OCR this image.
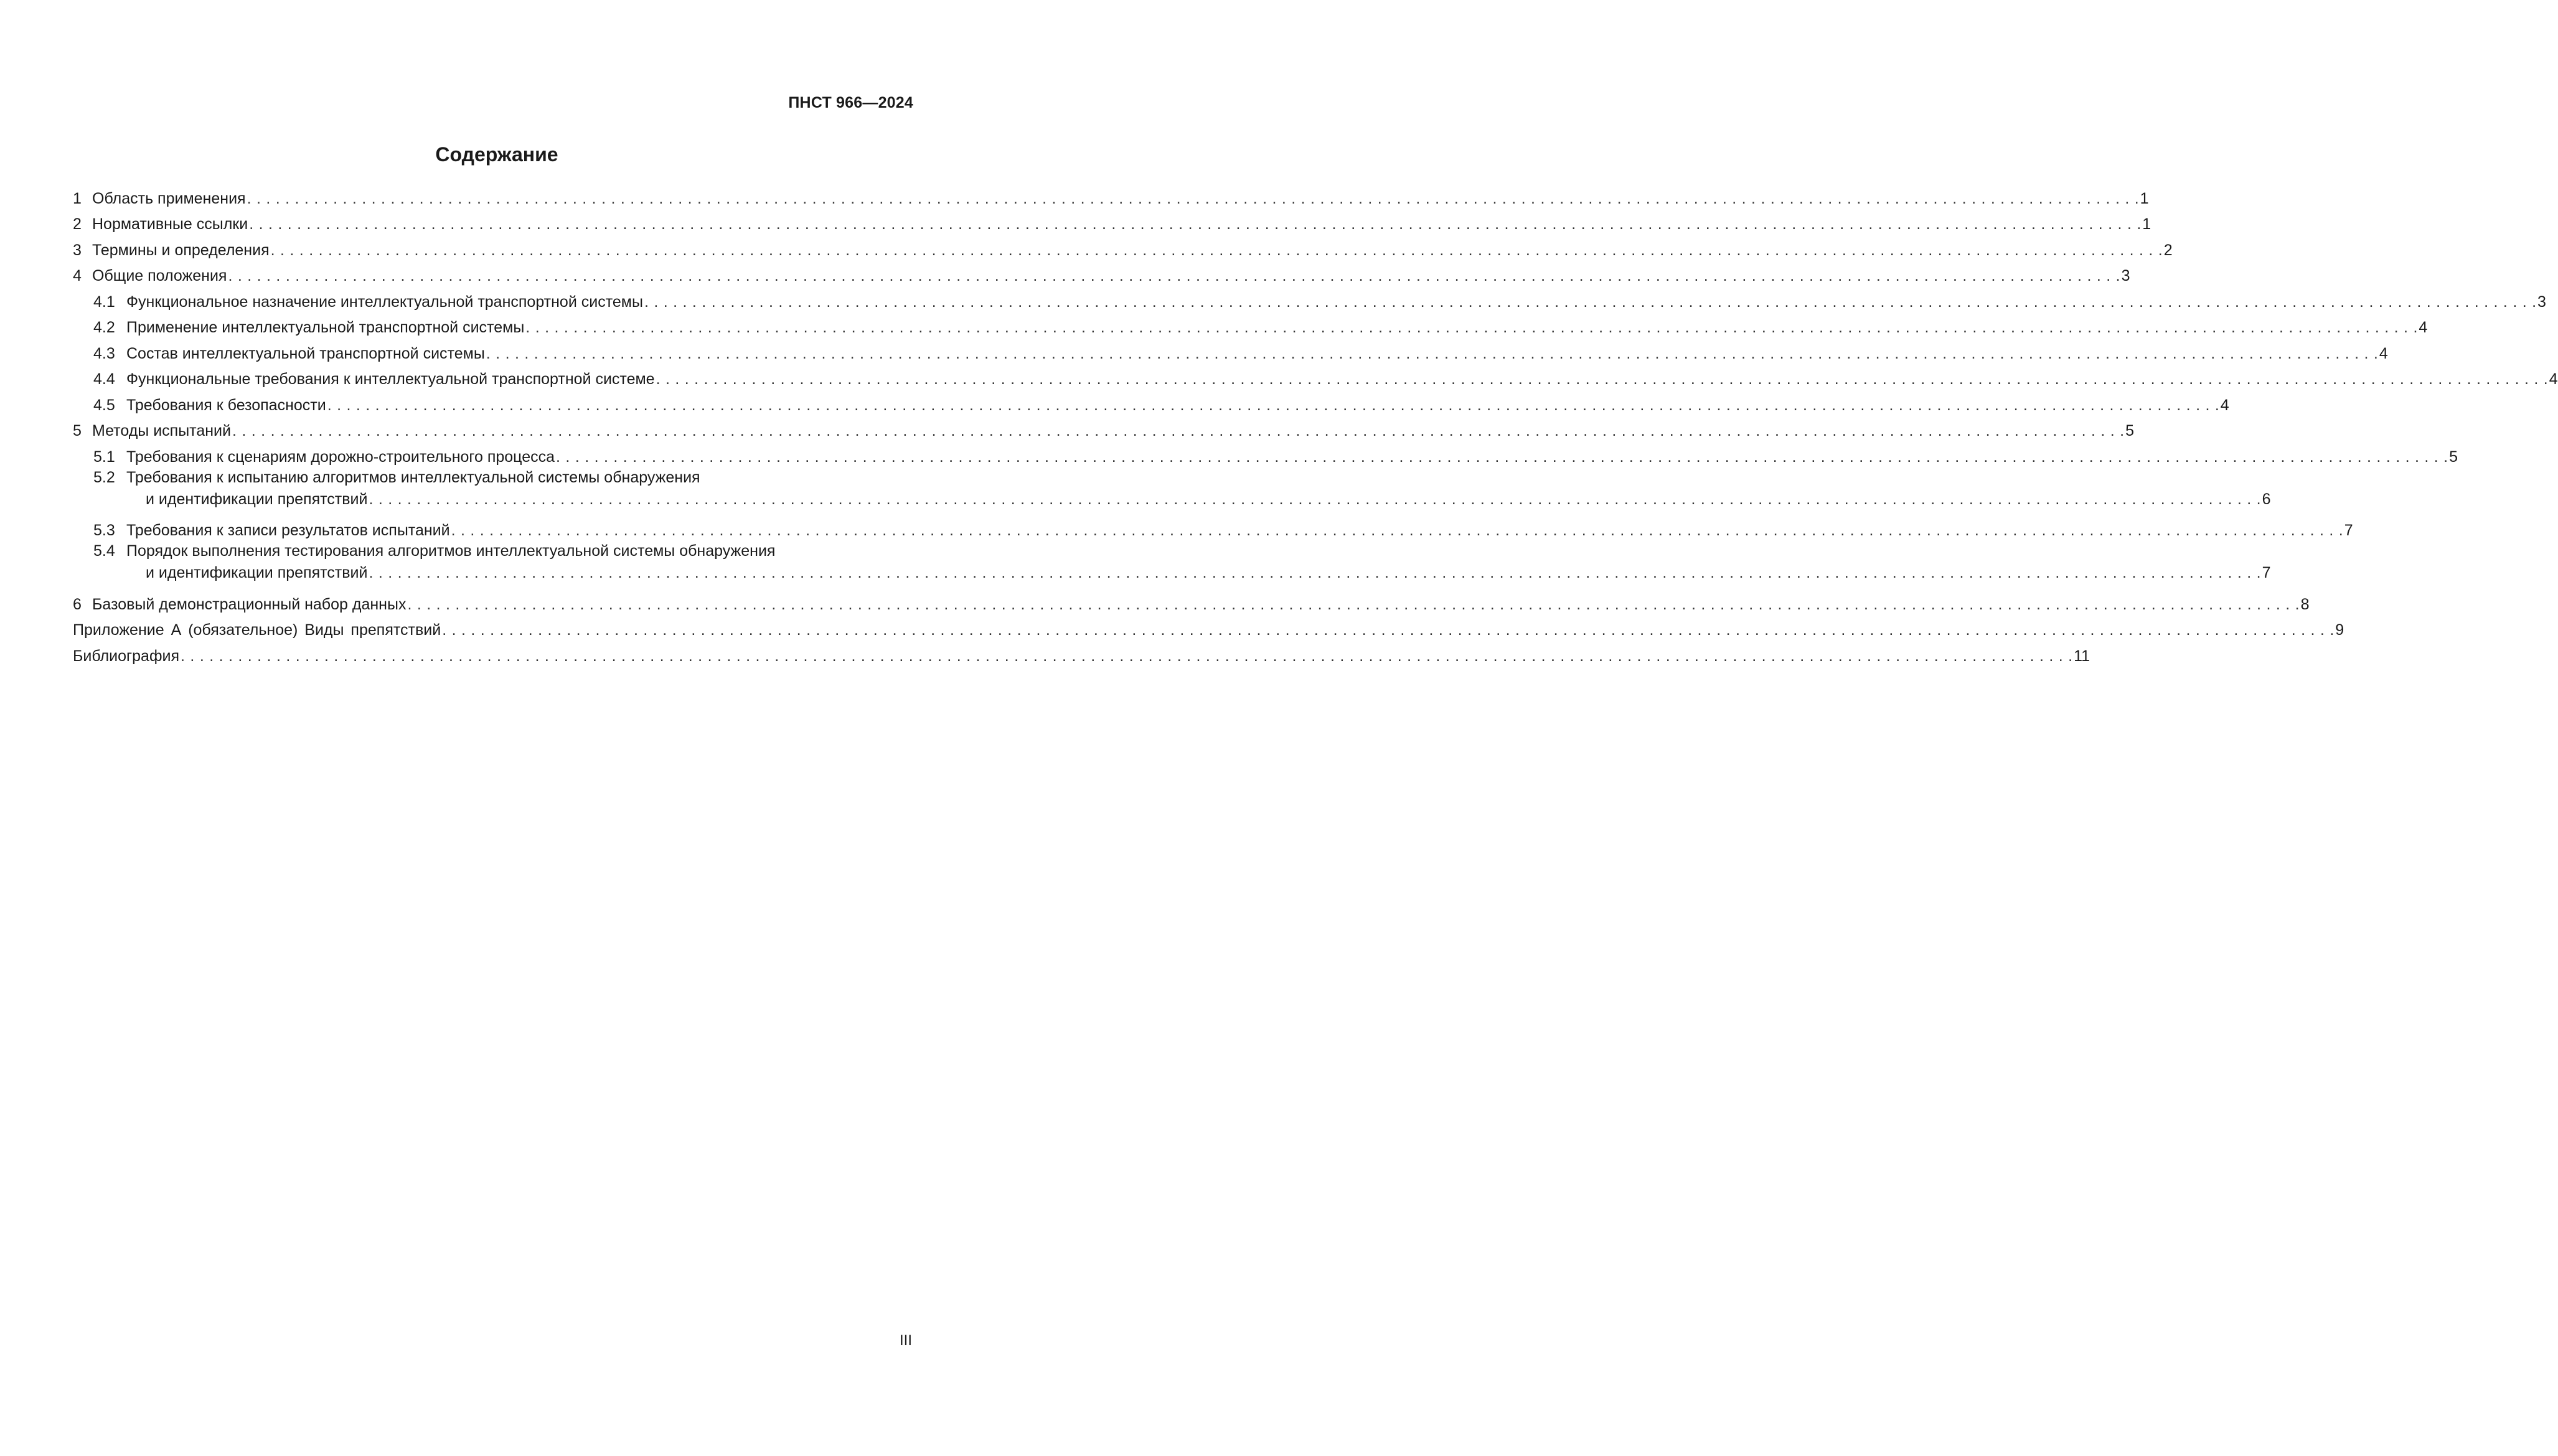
ПНСТ 966—2024
Содержание
1 Область применения . . .	1
2 Нормативные ссылки . . .	1
3 Термины и определения . . .	2
4 Общие положения . . .	3
4.1 Функциональное назначение интеллектуальной транспортной системы . . .	3
4.2 Применение интеллектуальной транспортной системы . . .	4
4.3 Состав интеллектуальной транспортной системы . . .	4
4.4 Функциональные требования к интеллектуальной транспортной системе . . .	4
4.5 Требования к безопасности . . .	4
5 Методы испытаний . . .	5
5.1 Требования к сценариям дорожно-строительного процесса . . .	5
5.2 Требования к испытанию алгоритмов интеллектуальной системы обнаружения
и идентификации препятствий . . .	6
5.3 Требования к записи результатов испытаний . . .	7
5.4 Порядок выполнения тестирования алгоритмов интеллектуальной системы обнаружения
и идентификации препятствий . . .	7
6 Базовый демонстрационный набор данных . . .	8
Приложение А (обязательное) Виды препятствий . . .	9
Библиография . . .	11
III
